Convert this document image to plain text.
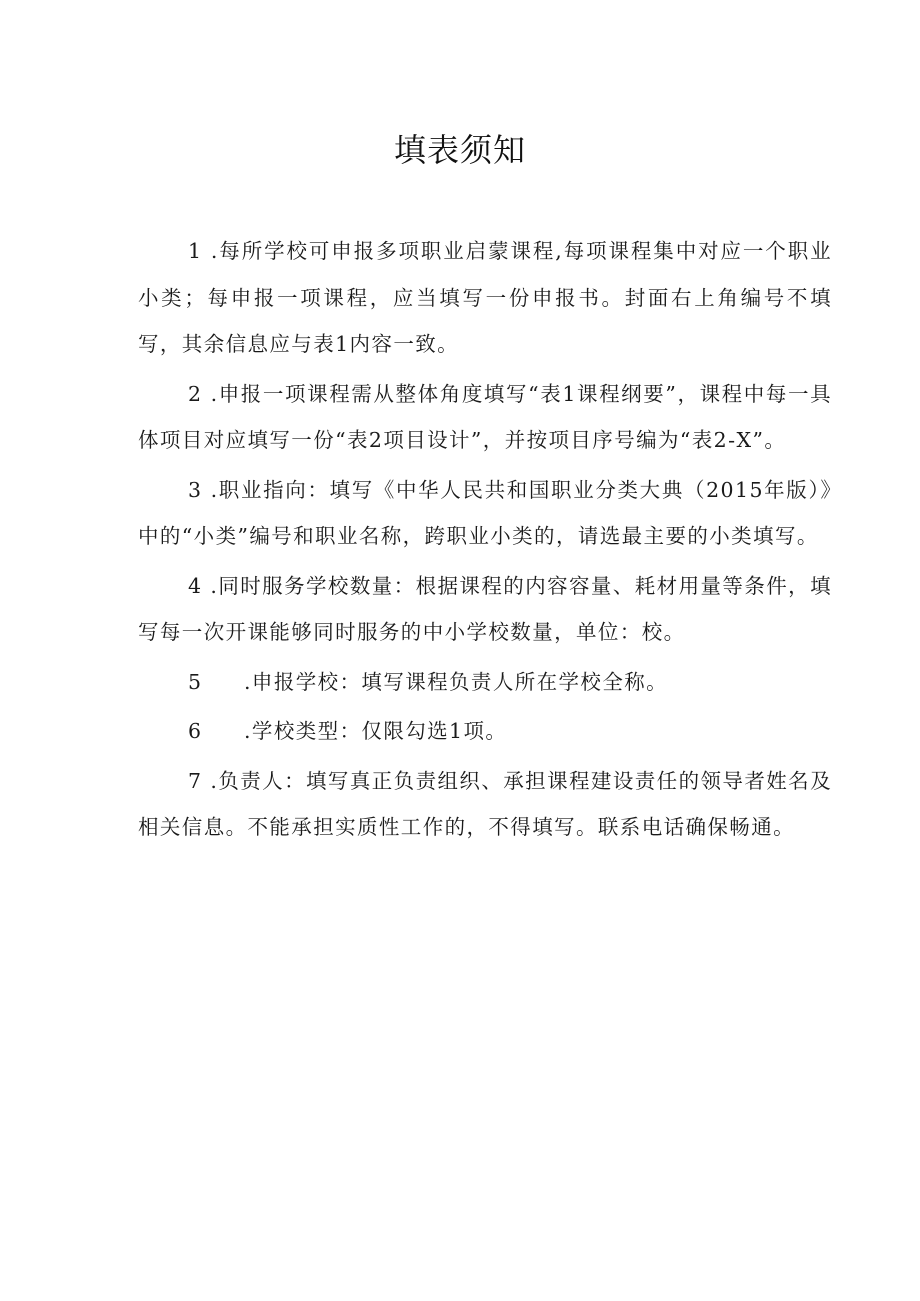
填表须知

1 .每所学校可申报多项职业启蒙课程,每项课程集中对应一个职业小类；每申报一项课程，应当填写一份申报书。封面右上角编号不填写，其余信息应与表1内容一致。

2 .申报一项课程需从整体角度填写“表1课程纲要”，课程中每一具体项目对应填写一份“表2项目设计”，并按项目序号编为“表2-X”。

3 .职业指向：填写《中华人民共和国职业分类大典（2015年版）》中的“小类”编号和职业名称，跨职业小类的，请选最主要的小类填写。

4 .同时服务学校数量：根据课程的内容容量、耗材用量等条件，填写每一次开课能够同时服务的中小学校数量，单位：校。

5 .申报学校：填写课程负责人所在学校全称。

6 .学校类型：仅限勾选1项。

7 .负责人：填写真正负责组织、承担课程建设责任的领导者姓名及相关信息。不能承担实质性工作的，不得填写。联系电话确保畅通。
